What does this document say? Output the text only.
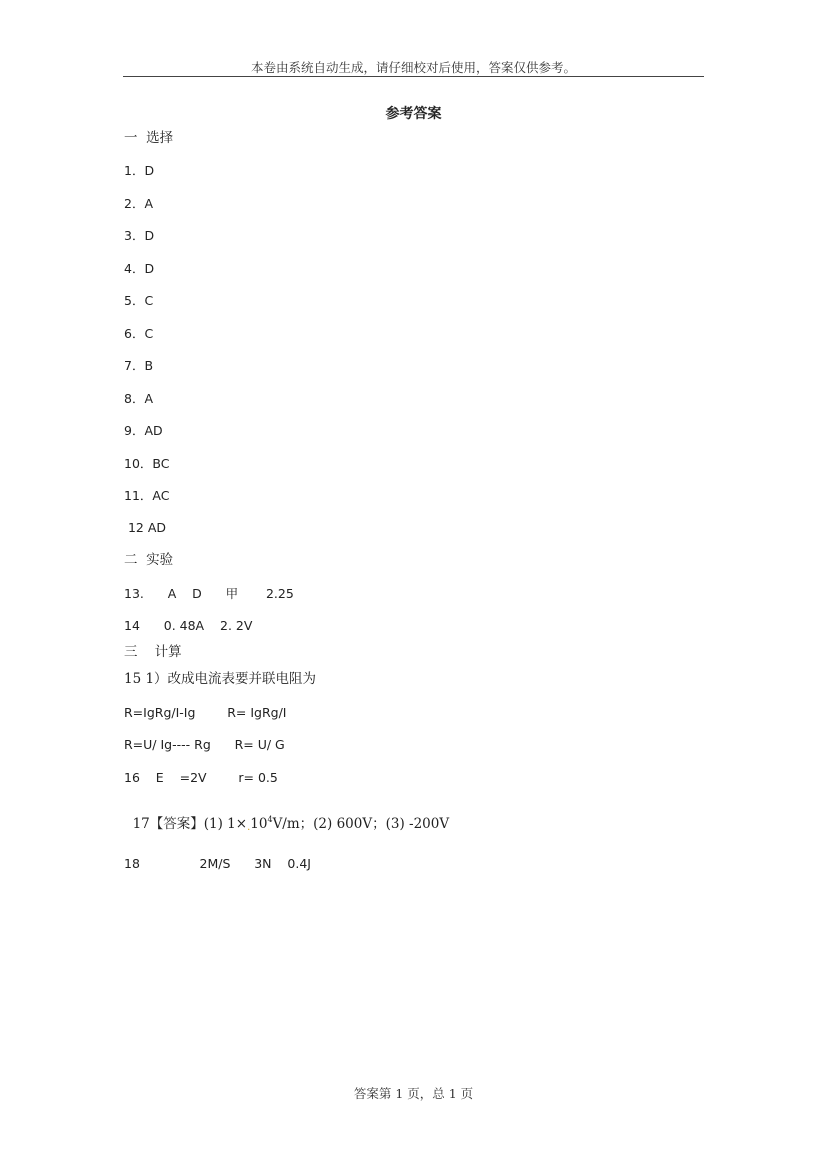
本卷由系统自动生成，请仔细校对后使用，答案仅供参考。
参考答案
一  选择
1．D
2．A
3．D
4．D
5．C
6．C
7．B
8．A
9．AD
10．BC
11．AC
12 AD
二  实验
13.      A    D      甲       2.25
14      0. 48A    2. 2V
三    计算
15 1）改成电流表要并联电阻为
R=IgRg/I-Ig        R= IgRg/I
R=U/ Ig---- Rg      R= U/ G
16    E    =2V        r= 0.5

17【答案】(1) $1\times.10^4V/m$；(2) 600V；(3) -200V

18               2M/S      3N    0.4J
答案第 1 页，总 1 页
